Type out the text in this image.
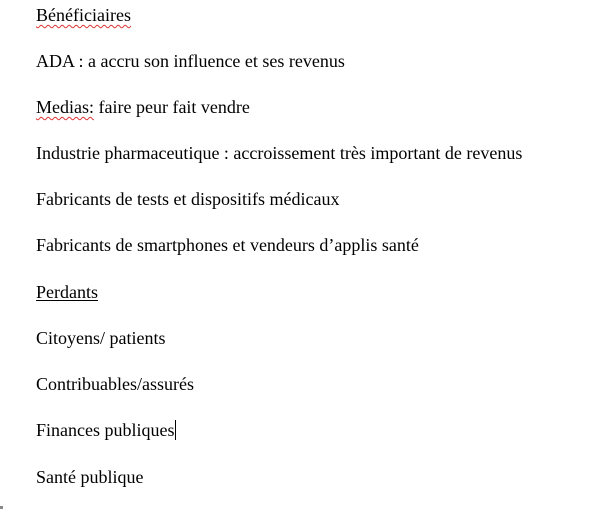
Bénéficiaires
ADA : a accru son influence et ses revenus
Medias: faire peur fait vendre
Industrie pharmaceutique : accroissement très important de revenus
Fabricants de tests et dispositifs médicaux
Fabricants de smartphones et vendeurs d’applis santé
Perdants
Citoyens/ patients
Contribuables/assurés
Finances publiques
Santé publique
